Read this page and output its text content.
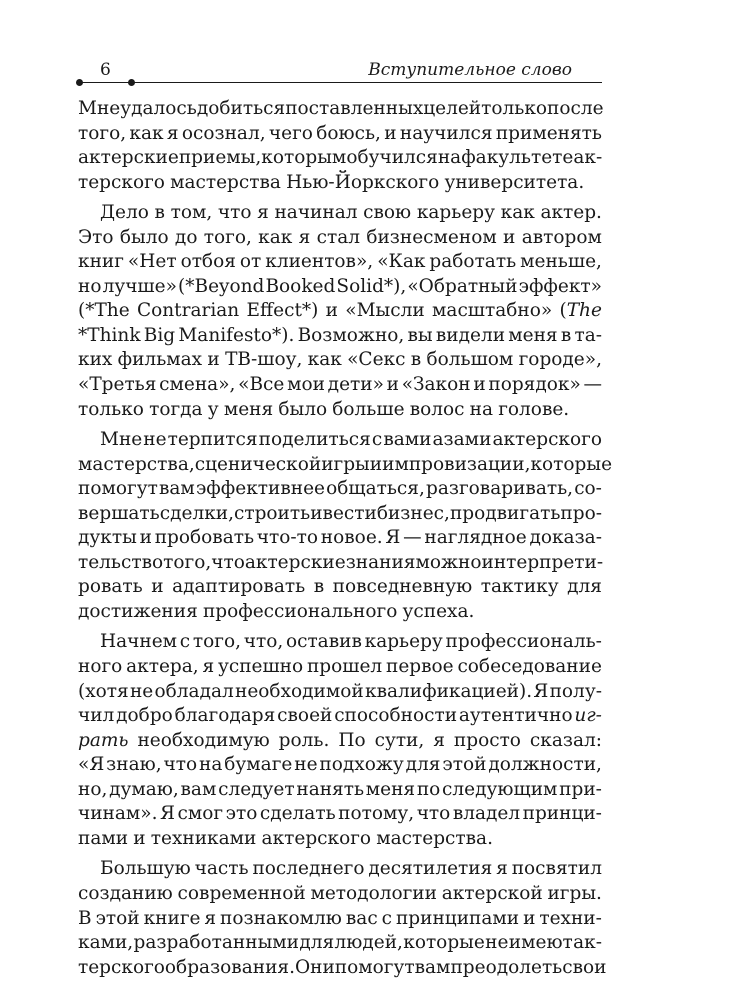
6	Вступительное слово
Мне удалось добиться поставленных целей только после
того, как я осознал, чего боюсь, и научился применять
актерские приемы, которым обучился на факультете ак-
терского мастерства Нью-Йоркского университета.
Дело в том, что я начинал свою карьеру как актер.
Это было до того, как я стал бизнесменом и автором
книг «Нет отбоя от клиентов», «Как работать меньше,
но лучше» (*Beyond Booked Solid*), «Обратный эффект»
(*The Contrarian Effect*) и «Мысли масштабно» (The
*Think Big Manifesto*). Возможно, вы видели меня в та-
ких фильмах и ТВ-шоу, как «Секс в большом городе»,
«Третья смена», «Все мои дети» и «Закон и порядок» —
только тогда у меня было больше волос на голове.
Мне не терпится поделиться с вами азами актерского
мастерства, сценической игры и импровизации, которые
помогут вам эффективнее общаться, разговаривать, со-
вершать сделки, строить и вести бизнес, продвигать про-
дукты и пробовать что-то новое. Я — наглядное доказа-
тельство того, что актерские знания можно интерпрети-
ровать и адаптировать в повседневную тактику для
достижения профессионального успеха.
Начнем с того, что, оставив карьеру профессиональ-
ного актера, я успешно прошел первое собеседование
(хотя не обладал необходимой квалификацией). Я полу-
чил добро благодаря своей способности аутентично иг-
рать необходимую роль. По сути, я просто сказал:
«Я знаю, что на бумаге не подхожу для этой должности,
но, думаю, вам следует нанять меня по следующим при-
чинам». Я смог это сделать потому, что владел принци-
пами и техниками актерского мастерства.
Большую часть последнего десятилетия я посвятил
созданию современной методологии актерской игры.
В этой книге я познакомлю вас с принципами и техни-
ками, разработанными для людей, которые не имеют ак-
терского образования. Они помогут вам преодолеть свои
